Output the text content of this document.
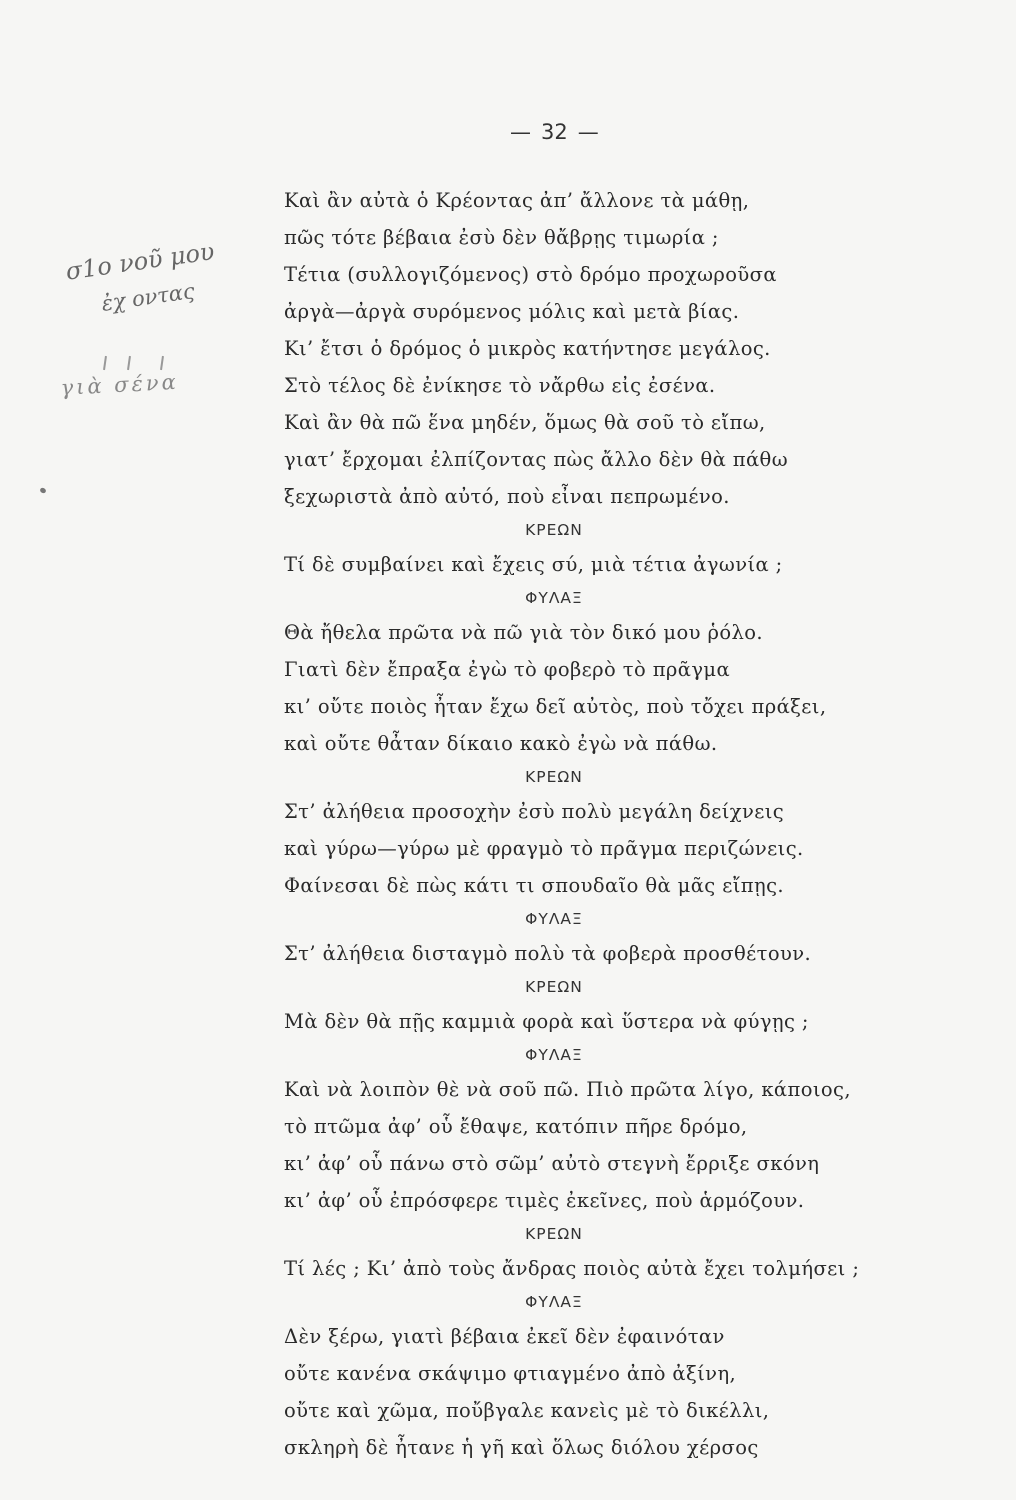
— 32 —
σ1ο νοῦ μου
ἐχ οντας
γιὰ σένα
Καὶ ἂν αὐτὰ ὁ Κρέοντας ἀπ’ ἄλλονε τὰ μάθῃ,
πῶς τότε βέβαια ἐσὺ δὲν θἄβρῃς τιμωρία ;
Τέτια (συλλογιζόμενος) στὸ δρόμο προχωροῦσα
ἀργὰ—ἀργὰ συρόμενος μόλις καὶ μετὰ βίας.
Κι’ ἔτσι ὁ δρόμος ὁ μικρὸς κατήντησε μεγάλος.
Στὸ τέλος δὲ ἐνίκησε τὸ νἄρθω εἰς ἐσένα.
Καὶ ἂν θὰ πῶ ἕνα μηδέν, ὅμως θὰ σοῦ τὸ εἴπω,
γιατ’ ἔρχομαι ἐλπίζοντας πὼς ἄλλο δὲν θὰ πάθω
ξεχωριστὰ ἀπὸ αὐτό, ποὺ εἶναι πεπρωμένο.
ΚΡΕΩΝ
Τί δὲ συμβαίνει καὶ ἔχεις σύ, μιὰ τέτια ἀγωνία ;
ΦΥΛΑΞ
Θὰ ἤθελα πρῶτα νὰ πῶ γιὰ τὸν δικό μου ῥόλο.
Γιατὶ δὲν ἔπραξα ἐγὼ τὸ φοβερὸ τὸ πρᾶγμα
κι’ οὔτε ποιὸς ἦταν ἔχω δεῖ αὐτὸς, ποὺ τὄχει πράξει,
καὶ οὔτε θἆταν δίκαιο κακὸ ἐγὼ νὰ πάθω.
ΚΡΕΩΝ
Στ’ ἀλήθεια προσοχὴν ἐσὺ πολὺ μεγάλη δείχνεις
καὶ γύρω—γύρω μὲ φραγμὸ τὸ πρᾶγμα περιζώνεις.
Φαίνεσαι δὲ πὼς κάτι τι σπουδαῖο θὰ μᾶς εἴπῃς.
ΦΥΛΑΞ
Στ’ ἀλήθεια δισταγμὸ πολὺ τὰ φοβερὰ προσθέτουν.
ΚΡΕΩΝ
Μὰ δὲν θὰ πῇς καμμιὰ φορὰ καὶ ὕστερα νὰ φύγῃς ;
ΦΥΛΑΞ
Καὶ νὰ λοιπὸν θὲ νὰ σοῦ πῶ. Πιὸ πρῶτα λίγο, κάποιος,
τὸ πτῶμα ἀφ’ οὗ ἔθαψε, κατόπιν πῆρε δρόμο,
κι’ ἀφ’ οὗ πάνω στὸ σῶμ’ αὐτὸ στεγνὴ ἔρριξε σκόνη
κι’ ἀφ’ οὗ ἐπρόσφερε τιμὲς ἐκεῖνες, ποὺ ἁρμόζουν.
ΚΡΕΩΝ
Τί λές ; Κι’ ἀπὸ τοὺς ἄνδρας ποιὸς αὐτὰ ἔχει τολμήσει ;
ΦΥΛΑΞ
Δὲν ξέρω, γιατὶ βέβαια ἐκεῖ δὲν ἐφαινόταν
οὔτε κανένα σκάψιμο φτιαγμένο ἀπὸ ἀξίνη,
οὔτε καὶ χῶμα, ποὔβγαλε κανεὶς μὲ τὸ δικέλλι,
σκληρὴ δὲ ἦτανε ἡ γῆ καὶ ὅλως διόλου χέρσος
